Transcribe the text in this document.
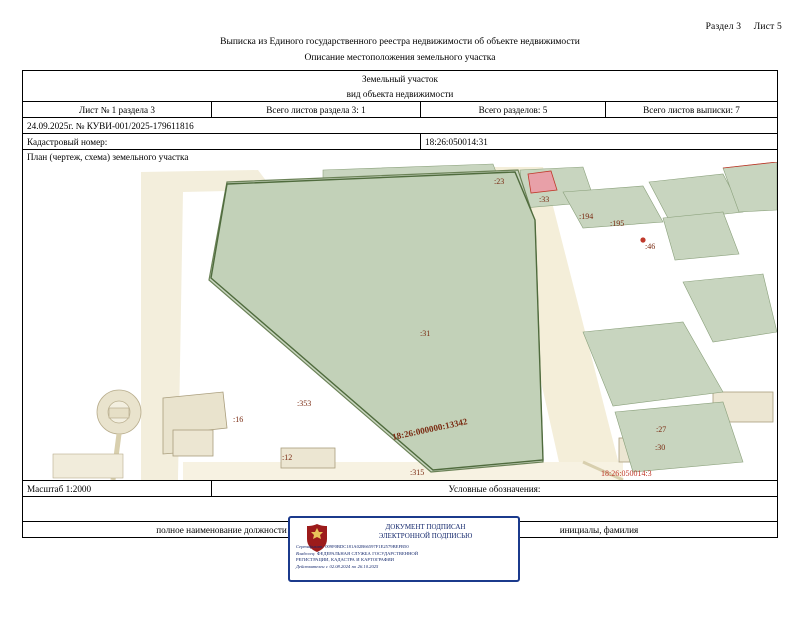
Раздел 3 Лист 5
Выписка из Единого государственного реестра недвижимости об объекте недвижимости
Описание местоположения земельного участка
Земельный участок			
вид объекта недвижимости			
Лист № 1 раздела 3	Всего листов раздела 3: 1	Всего разделов: 5	Всего листов выписки: 7
24.09.2025г. № КУВИ-001/2025-179611816			
Кадастровый номер:		18:26:050014:31	

План (чертеж, схема) земельного участка
:23
:33
:194
:195
:46
:31
:16
:353
:12
:315
:27
:30
18:26:000000:13342
18:26:050014:3

Масштаб 1:2000	Условные обозначения:		

полное наименование должности		инициалы, фамилия	
ДОКУМЕНТ ПОДПИСАН
ЭЛЕКТРОННОЙ ПОДПИСЬЮ
Сертификат: 009F0BDC181A02B66597F1E2579BEFB50
Владелец: ФЕДЕРАЛЬНАЯ СЛУЖБА ГОСУДАРСТВЕННОЙ
РЕГИСТРАЦИИ, КАДАСТРА И КАРТОГРАФИИ
Действителен с 02.08.2024 по 26.10.2025
